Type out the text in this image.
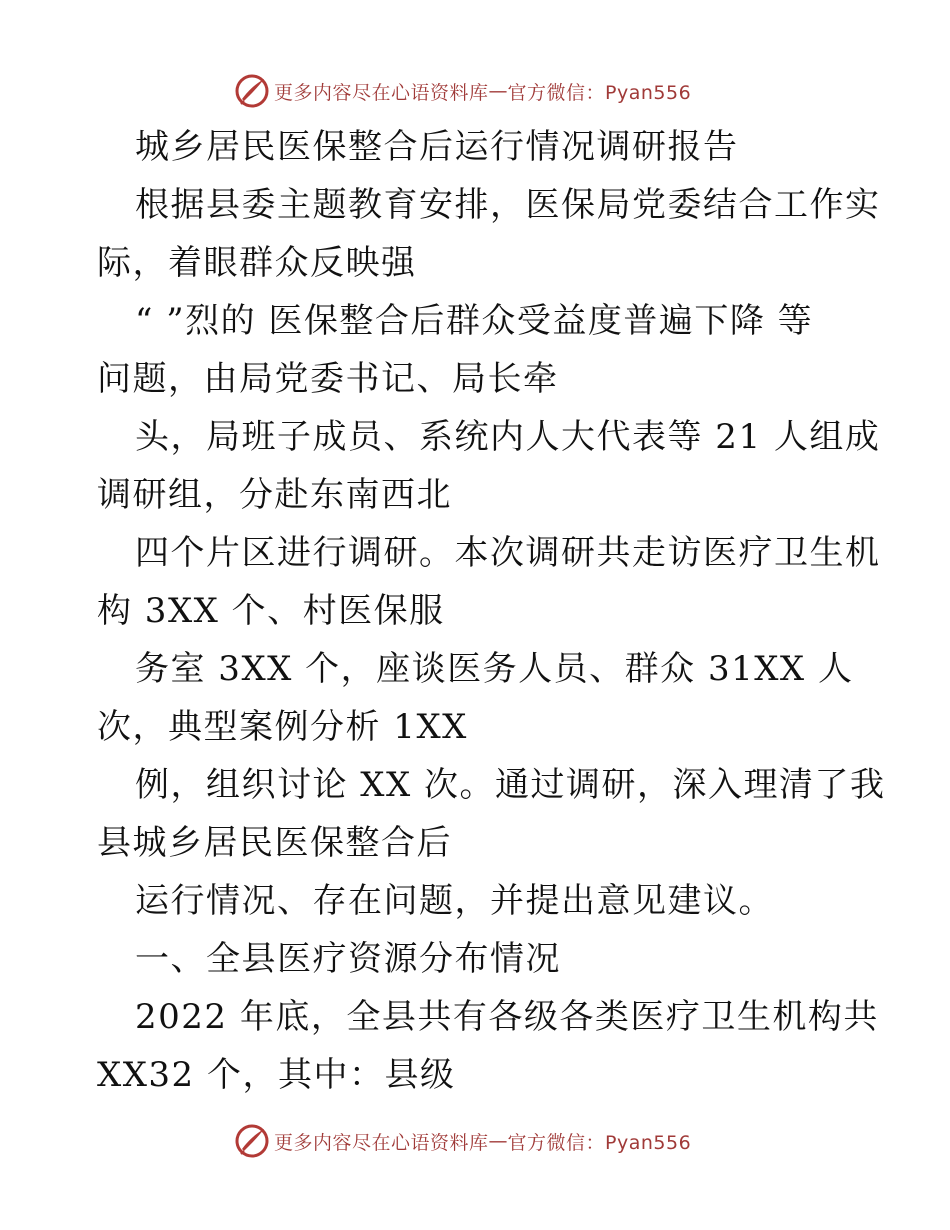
更多内容尽在心语资料库 — 官方微信：Pyan556

城乡居民医保整合后运行情况调研报告

根据县委主题教育安排，医保局党委结合工作实

际，着眼群众反映强

“ ”烈的 医保整合后群众受益度普遍下降 等

问题，由局党委书记、局长牵

头，局班子成员、系统内人大代表等 21 人组成

调研组，分赴东南西北

四个片区进行调研。本次调研共走访医疗卫生机

构 3XX 个、村医保服

务室 3XX 个，座谈医务人员、群众 31XX 人

次，典型案例分析 1XX

例，组织讨论 XX 次。通过调研，深入理清了我

县城乡居民医保整合后

运行情况、存在问题，并提出意见建议。

一、全县医疗资源分布情况

2022 年底，全县共有各级各类医疗卫生机构共

XX32 个，其中：县级

更多内容尽在心语资料库 — 官方微信：Pyan556
